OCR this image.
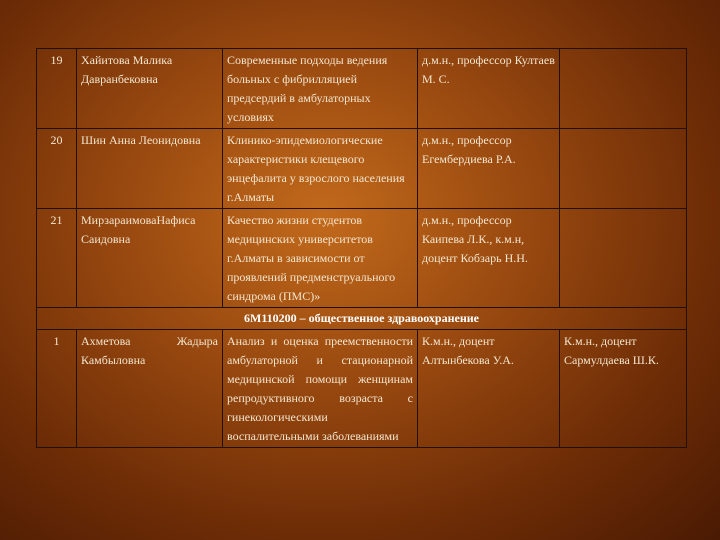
19	Хайитова Малика Давранбековна	Современные подходы ведения больных с фибрилляцией предсердий в амбулаторных условиях	д.м.н., профессор Култаев М. С.	
20	Шин Анна Леонидовна	Клинико-эпидемиологические характеристики клещевого энцефалита у взрослого населения г.Алматы	д.м.н., профессор Егембердиева Р.А.	
21	МирзараимоваНафиса Саидовна	Качество жизни студентов медицинских университетов г.Алматы в зависимости от проявлений предменструального синдрома (ПМС)»	д.м.н., профессор Каипева Л.К., к.м.н, доцент Кобзарь Н.Н.	
6М110200 – общественное здравоохранение				
1	Ахметова Жадыра Камбыловна	Анализ и оценка преемственности амбулаторной и стационарной медицинской помощи женщинам репродуктивного возраста с гинекологическими воспалительными заболеваниями	К.м.н., доцент Алтынбекова У.А.	К.м.н., доцент Сармулдаева Ш.К.
